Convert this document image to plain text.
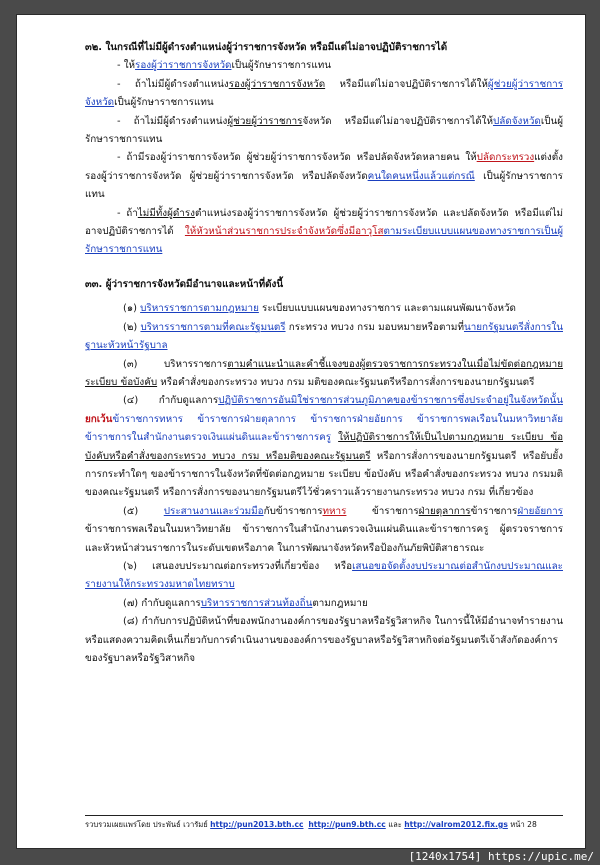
๓๒. ในกรณีที่ไม่มีผู้ดำรงตำแหน่งผู้ว่าราชการจังหวัด หรือมีแต่ไม่อาจปฏิบัติราชการได้

- ให้รองผู้ว่าราชการจังหวัดเป็นผู้รักษาราชการแทน

- ถ้าไม่มีผู้ดำรงตำแหน่งรองผู้ว่าราชการจังหวัด หรือมีแต่ไม่อาจปฏิบัติราชการได้ให้ผู้ช่วยผู้ว่าราชการจังหวัดเป็นผู้รักษาราชการแทน

- ถ้าไม่มีผู้ดำรงตำแหน่งผู้ช่วยผู้ว่าราชการจังหวัด หรือมีแต่ไม่อาจปฏิบัติราชการได้ให้ปลัดจังหวัดเป็นผู้รักษาราชการแทน

- ถ้ามีรองผู้ว่าราชการจังหวัด ผู้ช่วยผู้ว่าราชการจังหวัด หรือปลัดจังหวัดหลายคน ให้ปลัดกระทรวงแต่งตั้งรองผู้ว่าราชการจังหวัด ผู้ช่วยผู้ว่าราชการจังหวัด หรือปลัดจังหวัดคนใดคนหนึ่งแล้วแต่กรณี เป็นผู้รักษาราชการแทน

- ถ้าไม่มีทั้งผู้ดำรงตำแหน่งรองผู้ว่าราชการจังหวัด ผู้ช่วยผู้ว่าราชการจังหวัด และปลัดจังหวัด หรือมีแต่ไม่อาจปฏิบัติราชการได้ ให้หัวหน้าส่วนราชการประจำจังหวัดซึ่งมีอาวุโสตามระเบียบแบบแผนของทางราชการเป็นผู้รักษาราชการแทน

๓๓. ผู้ว่าราชการจังหวัดมีอำนาจและหน้าที่ดังนี้

(๑) บริหารราชการตามกฎหมาย ระเบียบแบบแผนของทางราชการ และตามแผนพัฒนาจังหวัด

(๒) บริหารราชการตามที่คณะรัฐมนตรี กระทรวง ทบวง กรม มอบหมายหรือตามที่นายกรัฐมนตรีสั่งการในฐานะหัวหน้ารัฐบาล

(๓) บริหารราชการตามคำแนะนำและคำชี้แจงของผู้ตรวจราชการกระทรวงในเมื่อไม่ขัดต่อกฎหมาย ระเบียบ ข้อบังคับ หรือคำสั่งของกระทรวง ทบวง กรม มติของคณะรัฐมนตรีหรือการสั่งการของนายกรัฐมนตรี

(๔) กำกับดูแลการปฏิบัติราชการอันมิใช่ราชการส่วนภูมิภาคของข้าราชการซึ่งประจำอยู่ในจังหวัดนั้น ยกเว้นข้าราชการทหาร ข้าราชการฝ่ายตุลาการ ข้าราชการฝ่ายอัยการ ข้าราชการพลเรือนในมหาวิทยาลัย ข้าราชการในสำนักงานตรวจเงินแผ่นดินและข้าราชการครู ให้ปฏิบัติราชการให้เป็นไปตามกฎหมาย ระเบียบ ข้อบังคับหรือคำสั่งของกระทรวง ทบวง กรม หรือมติของคณะรัฐมนตรี หรือการสั่งการของนายกรัฐมนตรี หรือยับยั้งการกระทำใดๆ ของข้าราชการในจังหวัดที่ขัดต่อกฎหมาย ระเบียบ ข้อบังคับ หรือคำสั่งของกระทรวง ทบวง กรมมติของคณะรัฐมนตรี หรือการสั่งการของนายกรัฐมนตรีไว้ชั่วคราวแล้วรายงานกระทรวง ทบวง กรม ที่เกี่ยวข้อง

(๕) ประสานงานและร่วมมือกับข้าราชการทหาร ข้าราชการฝ่ายตุลาการข้าราชการฝ่ายอัยการ ข้าราชการพลเรือนในมหาวิทยาลัย ข้าราชการในสำนักงานตรวจเงินแผ่นดินและข้าราชการครู ผู้ตรวจราชการและหัวหน้าส่วนราชการในระดับเขตหรือภาค ในการพัฒนาจังหวัดหรือป้องกันภัยพิบัติสาธารณะ

(๖) เสนองบประมาณต่อกระทรวงที่เกี่ยวข้อง หรือเสนอขอจัดตั้งงบประมาณต่อสำนักงบประมาณและรายงานให้กระทรวงมหาดไทยทราบ

(๗) กำกับดูแลการบริหารราชการส่วนท้องถิ่นตามกฎหมาย

(๘) กำกับการปฏิบัติหน้าที่ของพนักงานองค์การของรัฐบาลหรือรัฐวิสาหกิจ ในการนี้ให้มีอำนาจทำรายงานหรือแสดงความคิดเห็นเกี่ยวกับการดำเนินงานขององค์การของรัฐบาลหรือรัฐวิสาหกิจต่อรัฐมนตรีเจ้าสังกัดองค์การของรัฐบาลหรือรัฐวิสาหกิจ

รวบรวมเผยแพร่โดย ประพันธ์ เวารัมย์ http://pun2013.bth.cc http://pun9.bth.cc และ http://valrom2012.fix.gs หน้า 28
[1240x1754] https://upic.me/
